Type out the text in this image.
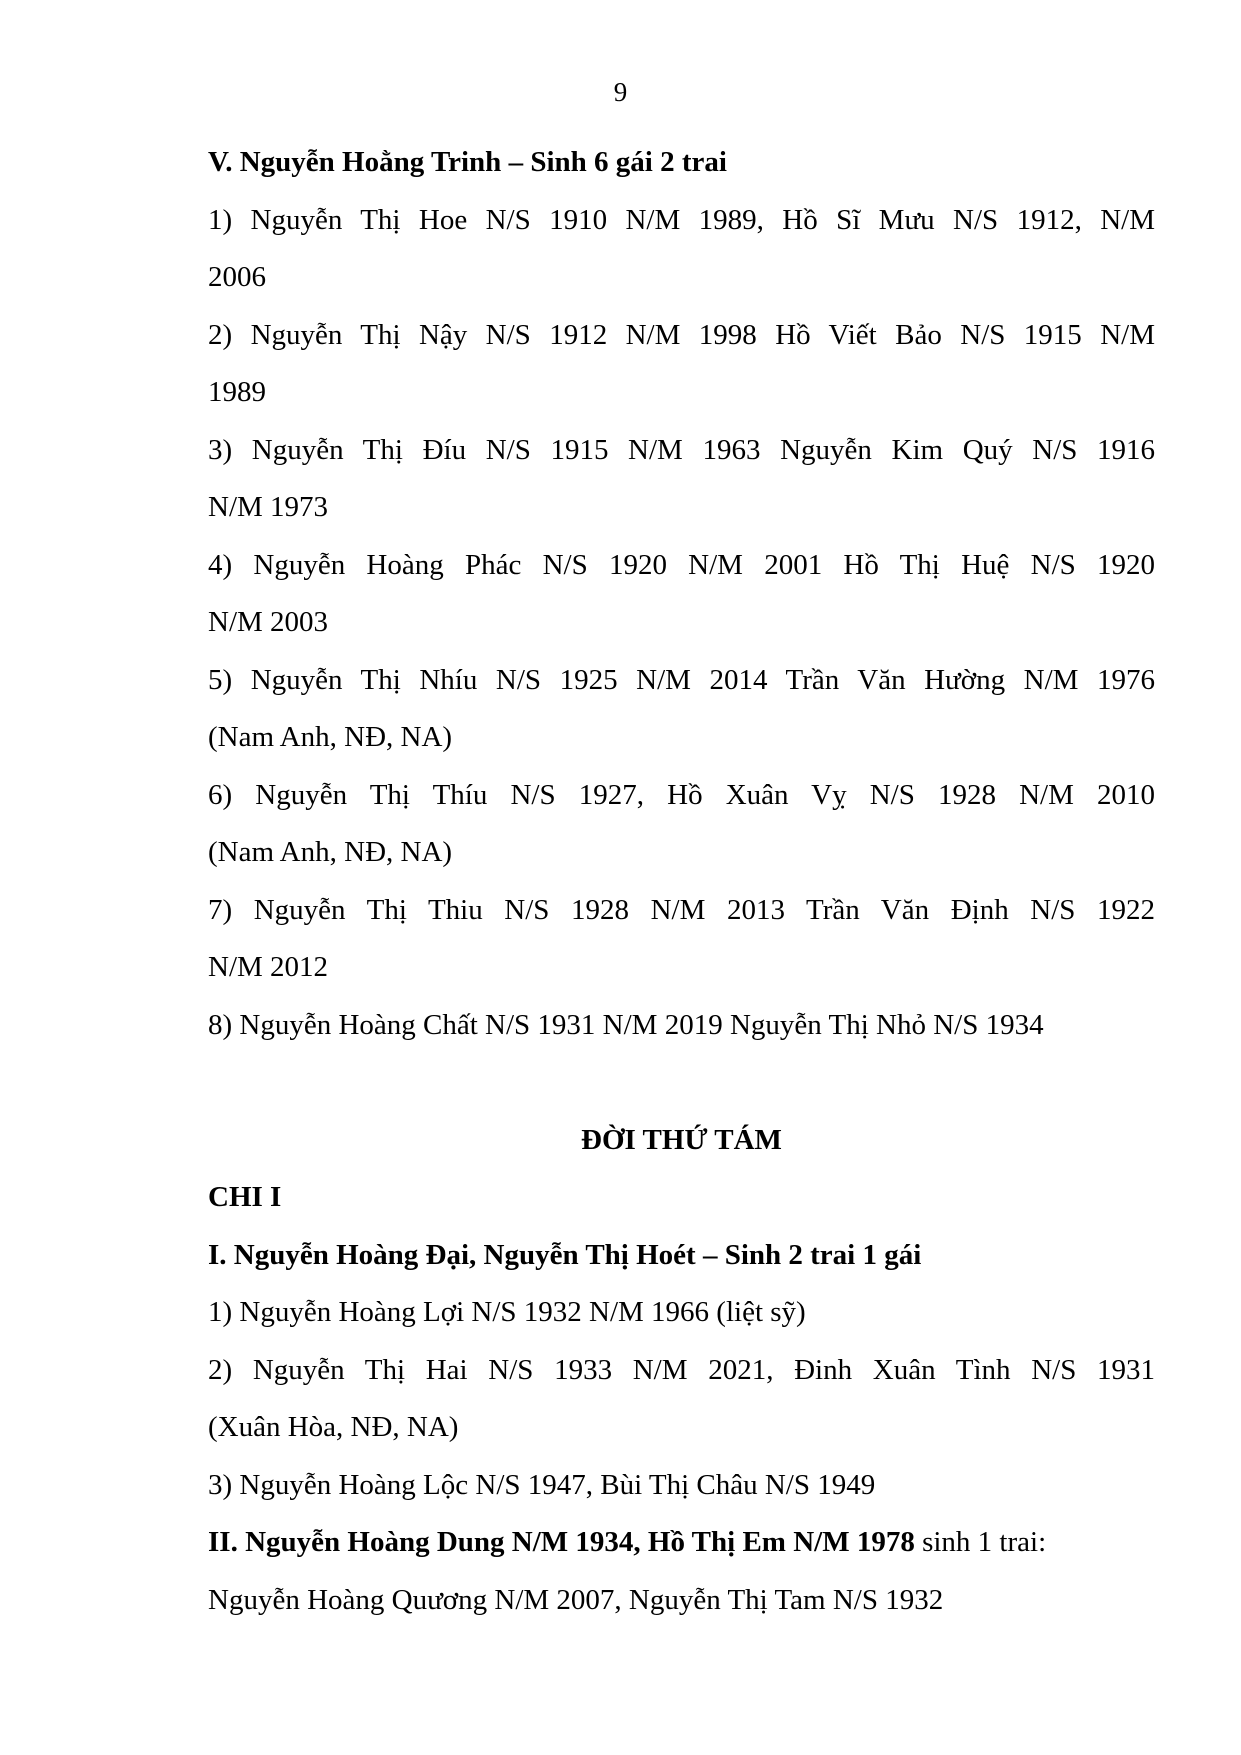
9
V. Nguyễn Hoằng Trinh – Sinh 6 gái 2 trai
1) Nguyễn Thị Hoe N/S 1910 N/M 1989, Hồ Sĩ Mưu N/S 1912, N/M
2006
2) Nguyễn Thị Nậy N/S 1912 N/M 1998 Hồ Viết Bảo N/S 1915 N/M
1989
3) Nguyễn Thị Đíu N/S 1915 N/M 1963 Nguyễn Kim Quý N/S 1916
N/M 1973
4) Nguyễn Hoàng Phác N/S 1920 N/M 2001 Hồ Thị Huệ N/S 1920
N/M 2003
5) Nguyễn Thị Nhíu N/S 1925 N/M 2014 Trần Văn Hường N/M 1976
(Nam Anh, NĐ, NA)
6) Nguyễn Thị Thíu N/S 1927, Hồ Xuân Vỵ N/S 1928 N/M 2010
(Nam Anh, NĐ, NA)
7) Nguyễn Thị Thiu N/S 1928 N/M 2013 Trần Văn Định N/S 1922
N/M 2012
8) Nguyễn Hoàng Chất N/S 1931 N/M 2019 Nguyễn Thị Nhỏ N/S 1934
ĐỜI THỨ TÁM
CHI I
I. Nguyễn Hoàng Đại, Nguyễn Thị Hoét – Sinh 2 trai 1 gái
1) Nguyễn Hoàng Lợi N/S 1932 N/M 1966 (liệt sỹ)
2) Nguyễn Thị Hai N/S 1933 N/M 2021, Đinh Xuân Tình N/S 1931
(Xuân Hòa, NĐ, NA)
3) Nguyễn Hoàng Lộc N/S 1947, Bùi Thị Châu N/S 1949
II. Nguyễn Hoàng Dung N/M 1934, Hồ Thị Em N/M 1978 sinh 1 trai:
Nguyễn Hoàng Quương N/M 2007, Nguyễn Thị Tam N/S 1932
